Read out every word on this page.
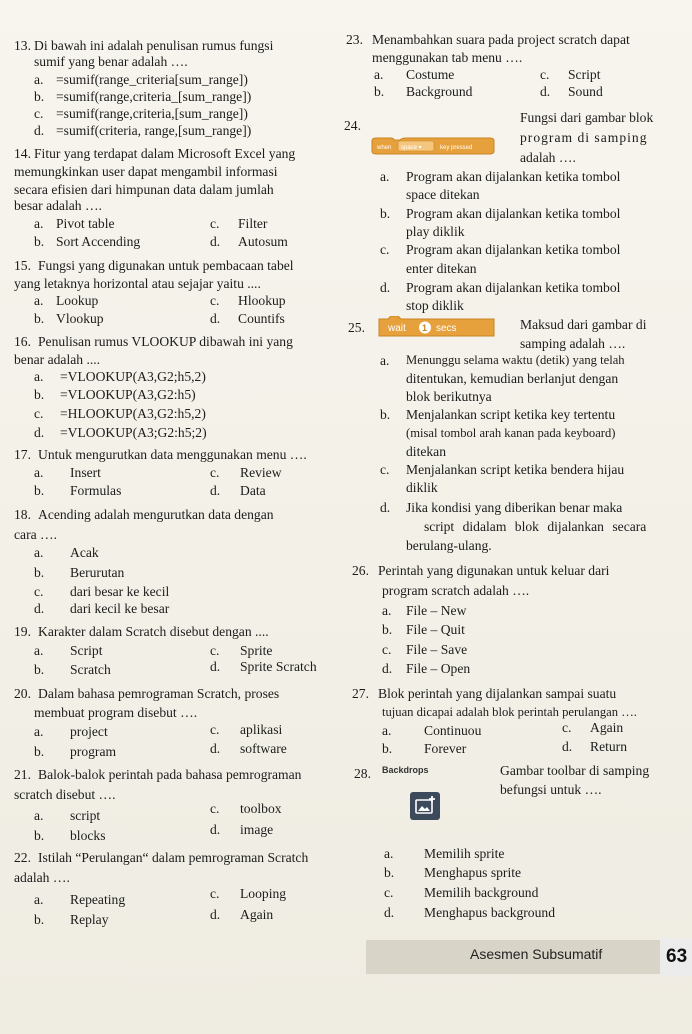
13. Di bawah ini adalah penulisan rumus fungsi
sumif yang benar adalah ….
a. =sumif(range_criteria[sum_range])
b. =sumif(range,criteria_[sum_range])
c. =sumif(range,criteria,[sum_range])
d. =sumif(criteria, range,[sum_range])
14. Fitur yang terdapat dalam Microsoft Excel yang
memungkinkan user dapat mengambil informasi
secara efisien dari himpunan data dalam jumlah
besar adalah ….
a. Pivot table	c. Filter
b. Sort Accending	d. Autosum
15. Fungsi yang digunakan untuk pembacaan tabel
yang letaknya horizontal atau sejajar yaitu ....
a. Lookup	c. Hlookup
b. Vlookup	d. Countifs
16. Penulisan rumus VLOOKUP dibawah ini yang
benar adalah ....
a. =VLOOKUP(A3,G2;h5,2)
b. =VLOOKUP(A3,G2:h5)
c. =HLOOKUP(A3,G2:h5,2)
d. =VLOOKUP(A3;G2:h5;2)
17. Untuk mengurutkan data menggunakan menu ….
a. Insert	c. Review
b. Formulas	d. Data
18. Acending adalah mengurutkan data dengan
cara ….
a. Acak
b. Berurutan
c. dari besar ke kecil
d. dari kecil ke besar
19. Karakter dalam Scratch disebut dengan ....
a. Script	c. Sprite
b. Scratch	d. Sprite Scratch
20. Dalam bahasa pemrograman Scratch, proses
membuat program disebut ….
a. project	c. aplikasi
b. program	d. software
21. Balok-balok perintah pada bahasa pemrograman
scratch disebut ….
a. script	c. toolbox
b. blocks	d. image
22. Istilah “Perulangan“ dalam pemrograman Scratch
adalah ….
a. Repeating	c. Looping
b. Replay	d. Again
23. Menambahkan suara pada project scratch dapat
menggunakan tab menu ….
a. Costume	c. Script
b. Background	d. Sound
24.
when space ▾	key pressed
Fungsi dari gambar blok
program di samping
adalah ….
a. Program akan dijalankan ketika tombol
space ditekan
b. Program akan dijalankan ketika tombol
play diklik
c. Program akan dijalankan ketika tombol
enter ditekan
d. Program akan dijalankan ketika tombol
stop diklik
25. wait 1 secs	Maksud dari gambar di
samping adalah ….
a. Menunggu selama waktu (detik) yang telah
ditentukan, kemudian berlanjut dengan
blok berikutnya
b. Menjalankan script ketika key tertentu
(misal tombol arah kanan pada keyboard)
ditekan
c. Menjalankan script ketika bendera hijau
diklik
d. Jika kondisi yang diberikan benar maka
script didalam blok dijalankan secara
berulang-ulang.
26. Perintah yang digunakan untuk keluar dari
program scratch adalah ….
a. File – New
b. File – Quit
c. File – Save
d. File – Open
27. Blok perintah yang dijalankan sampai suatu
tujuan dicapai adalah blok perintah perulangan ….
a. Continuou	c. Again
b. Forever	d. Return
28. Backdrops	Gambar toolbar di samping
befungsi untuk ….
a. Memilih sprite
b. Menghapus sprite
c. Memilih background
d. Menghapus background
Asesmen Subsumatif	63
